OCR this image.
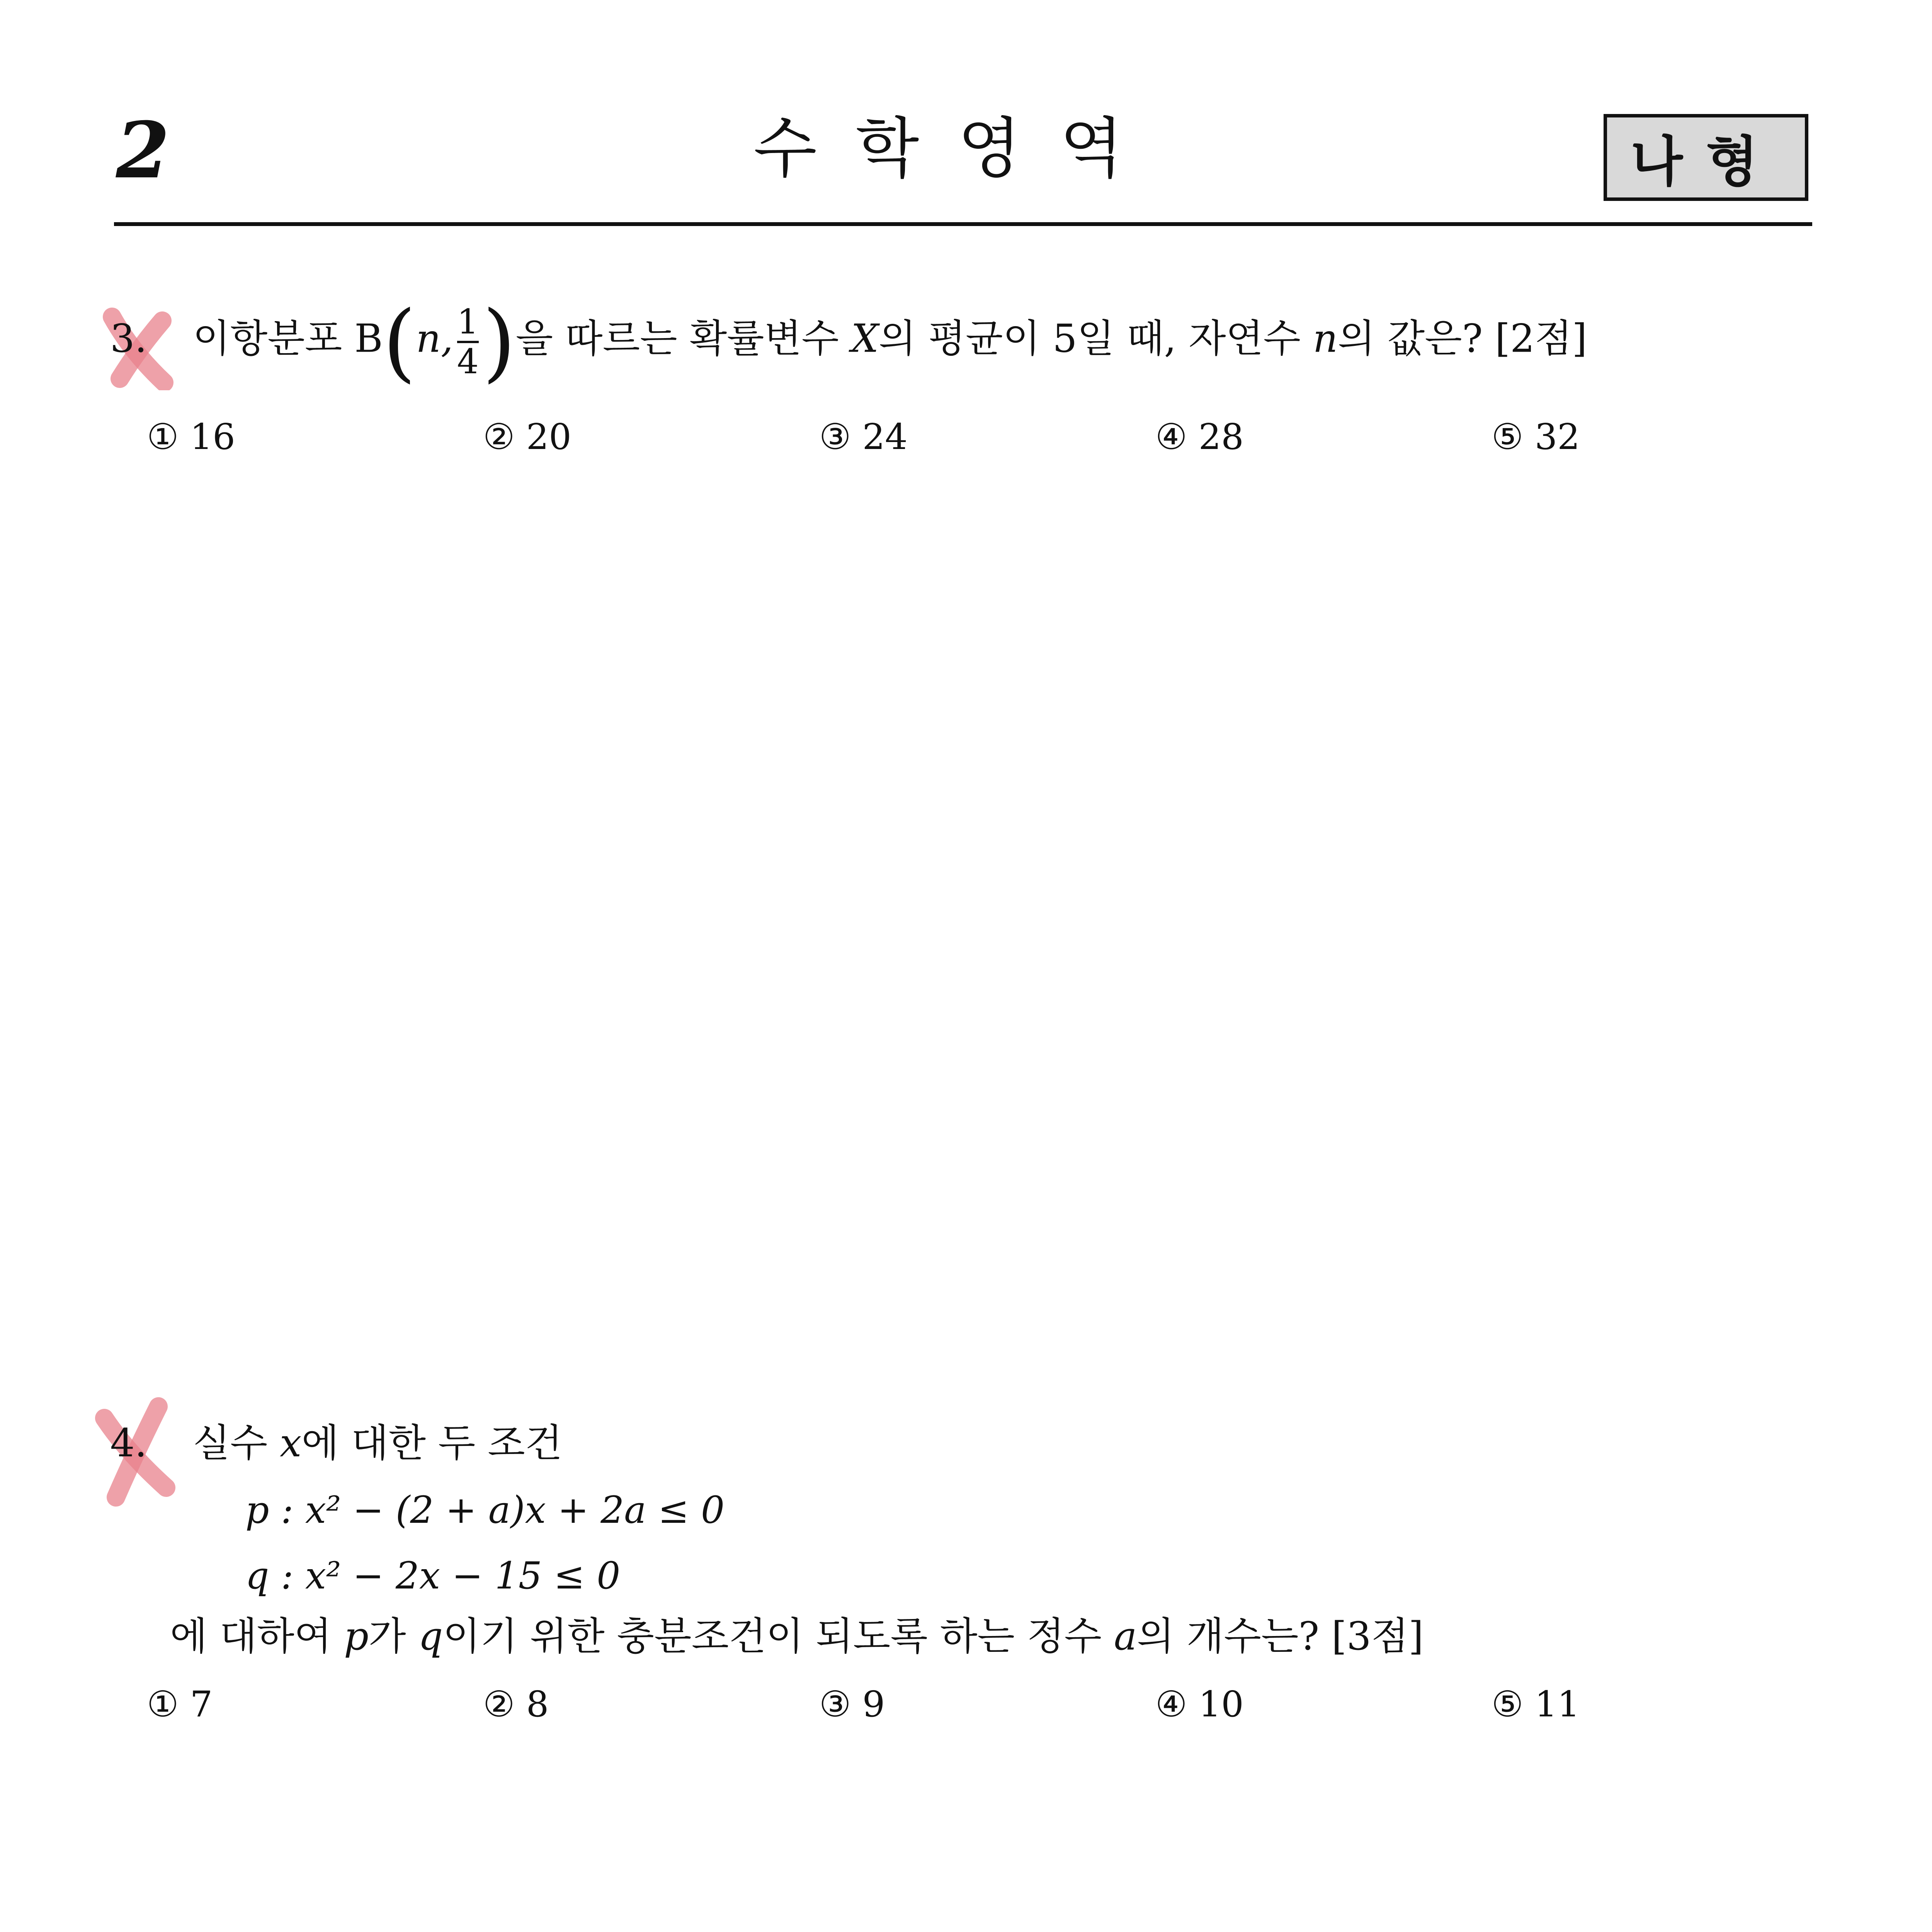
2	수학영역	나형
3. 이항분포 B(n, $\frac{1}{4}$ )을 따르는 확률변수 X의 평균이 5일 때, 자연수 n의 값은? [2점]
① 16	② 20	③ 24	④ 28	⑤ 32
4. 실수 x에 대한 두 조건
p : x² − (2 + a)x + 2a ≤ 0
q : x² − 2x − 15 ≤ 0
에 대하여 p가 q이기 위한 충분조건이 되도록 하는 정수 a의 개수는? [3점]
① 7	② 8	③ 9	④ 10	⑤ 11
